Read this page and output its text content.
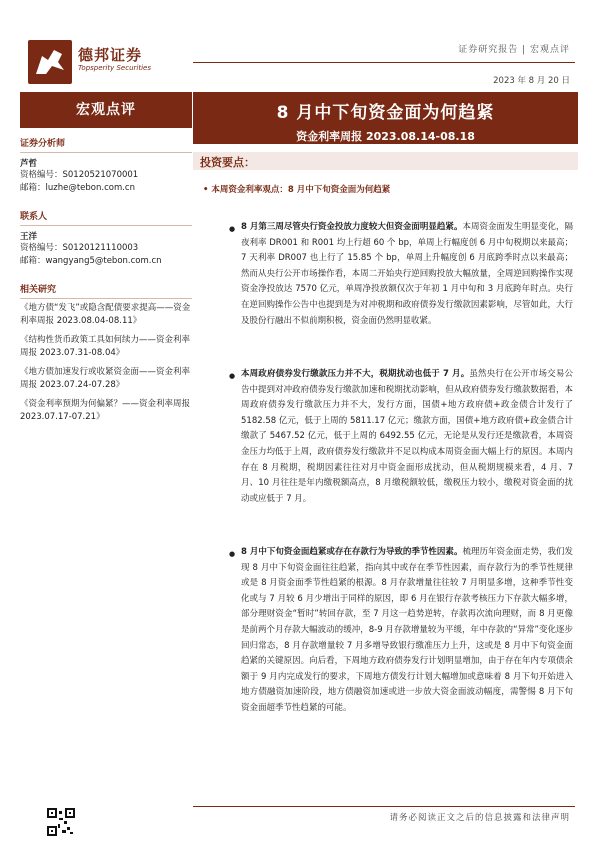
德邦证券
Topsperity Securities
证券研究报告 | 宏观点评
2023 年 8 月 20 日
宏观点评	8 月中下旬资金面为何趋紧
资金利率周报 2023.08.14-08.18
证券分析师
芦哲
资格编号：S0120521070001
邮箱：luzhe@tebon.com.cn
联系人
王洋
资格编号：S0120121110003
邮箱：wangyang5@tebon.com.cn
相关研究
《地方债“发飞”或隐含配债要求提高——资金利率周报 2023.08.04-08.11》
《结构性货币政策工具如何续力——资金利率周报 2023.07.31-08.04》
《地方债加速发行或收紧资金面——资金利率周报 2023.07.24-07.28》
《资金利率预期为何偏紧？——资金利率周报 2023.07.17-07.21》
投资要点：
• 本周资金利率观点：8 月中下旬资金面为何趋紧
● 8 月第三周尽管央行资金投放力度较大但资金面明显趋紧。本周资金面发生明显变化，隔夜利率 DR001 和 R001 均上行超 60 个 bp，单周上行幅度创 6 月中旬税期以来最高；7 天利率 DR007 也上行了 15.85 个 bp，单周上升幅度创 6 月底跨季时点以来最高；然而从央行公开市场操作看，本周二开始央行逆回购投放大幅放量，全周逆回购操作实现资金净投放达 7570 亿元，单周净投放额仅次于年初 1 月中旬和 3 月底跨年时点。央行在逆回购操作公告中也提到是为对冲税期和政府债券发行缴款因素影响，尽管如此，大行及股份行融出不似前期积极，资金面仍然明显收紧。
● 本周政府债券发行缴款压力并不大，税期扰动也低于 7 月。虽然央行在公开市场交易公告中提到对冲政府债券发行缴款加速和税期扰动影响，但从政府债券发行缴款数据看，本周政府债券发行缴款压力并不大，发行方面，国债+地方政府债+政金债合计发行了 5182.58 亿元，低于上周的 5811.17 亿元；缴款方面，国债+地方政府债+政金债合计缴款了 5467.52 亿元，低于上周的 6492.55 亿元，无论是从发行还是缴款看，本周资金压力均低于上周，政府债券发行缴款并不足以构成本周资金面大幅上行的原因。本周内存在 8 月税期，税期因素往往对月中资金面形成扰动，但从税期规模来看，4 月、7 月、10 月往往是年内缴税额高点，8 月缴税额较低，缴税压力较小，缴税对资金面的扰动或应低于 7 月。
● 8 月中下旬资金面趋紧或存在存款行为导致的季节性因素。梳理历年资金面走势，我们发现 8 月中下旬资金面往往趋紧，指向其中或存在季节性因素，而存款行为的季节性规律或是 8 月资金面季节性趋紧的根源。8 月存款增量往往较 7 月明显多增，这种季节性变化或与 7 月较 6 月少增出于同样的原因，即 6 月在银行存款考核压力下存款大幅多增，部分理财资金“暂时”转回存款，至 7 月这一趋势逆转，存款再次流向理财，而 8 月更像是前两个月存款大幅波动的缓冲，8-9 月存款增量较为平缓，年中存款的“异常”变化逐步回归常态，8 月存款增量较 7 月多增导致银行缴准压力上升，这或是 8 月中下旬资金面趋紧的关键原因。向后看，下周地方政府债券发行计划明显增加，由于存在年内专项债余额于 9 月内完成发行的要求，下周地方债发行计划大幅增加或意味着 8 月下旬开始进入地方债融资加速阶段，地方债融资加速或进一步放大资金面波动幅度，需警惕 8 月下旬资金面超季节性趋紧的可能。
请务必阅读正文之后的信息披露和法律声明
